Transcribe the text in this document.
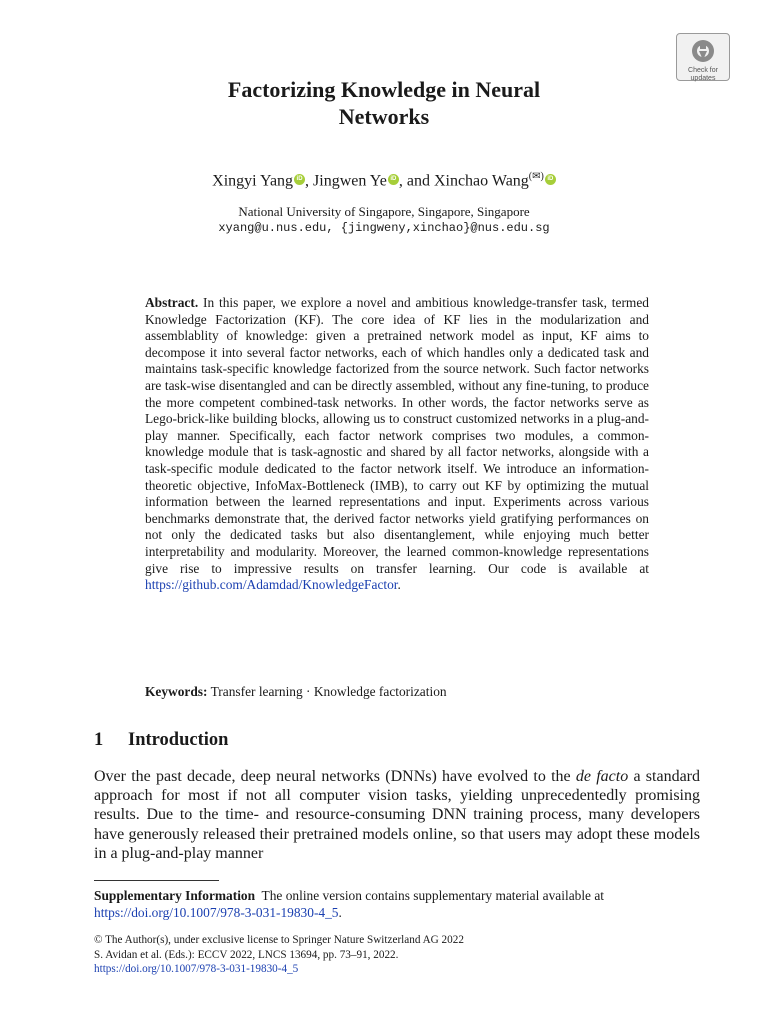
Check for
updates
Factorizing Knowledge in Neural
Networks
Xingyi Yang iD , Jingwen Ye iD , and Xinchao Wang(✉)iD
National University of Singapore, Singapore, Singapore
xyang@u.nus.edu, {jingweny,xinchao}@nus.edu.sg
Abstract. In this paper, we explore a novel and ambitious knowledge-transfer task, termed Knowledge Factorization (KF). The core idea of KF lies in the modularization and assemblablity of knowledge: given a pretrained network model as input, KF aims to decompose it into several factor networks, each of which handles only a dedicated task and maintains task-specific knowledge factorized from the source network. Such factor networks are task-wise disentangled and can be directly assembled, without any fine-tuning, to produce the more competent combined-task networks. In other words, the factor networks serve as Lego-brick-like building blocks, allowing us to construct customized networks in a plug-and-play manner. Specifically, each factor network comprises two modules, a common-knowledge module that is task-agnostic and shared by all factor networks, alongside with a task-specific module dedicated to the factor network itself. We introduce an information-theoretic objective, InfoMax-Bottleneck (IMB), to carry out KF by optimizing the mutual information between the learned representations and input. Experiments across various benchmarks demonstrate that, the derived factor networks yield gratifying performances on not only the dedicated tasks but also disentanglement, while enjoying much better interpretability and modularity. Moreover, the learned common-knowledge representations give rise to impressive results on transfer learning. Our code is available at https://github.com/Adamdad/KnowledgeFactor.
Keywords: Transfer learning · Knowledge factorization
1 Introduction
Over the past decade, deep neural networks (DNNs) have evolved to the de facto a standard approach for most if not all computer vision tasks, yielding unprecedentedly promising results. Due to the time- and resource-consuming DNN training process, many developers have generously released their pretrained models online, so that users may adopt these models in a plug-and-play manner
Supplementary Information The online version contains supplementary material available at https://doi.org/10.1007/978-3-031-19830-4_5.
© The Author(s), under exclusive license to Springer Nature Switzerland AG 2022
S. Avidan et al. (Eds.): ECCV 2022, LNCS 13694, pp. 73–91, 2022.
https://doi.org/10.1007/978-3-031-19830-4_5
